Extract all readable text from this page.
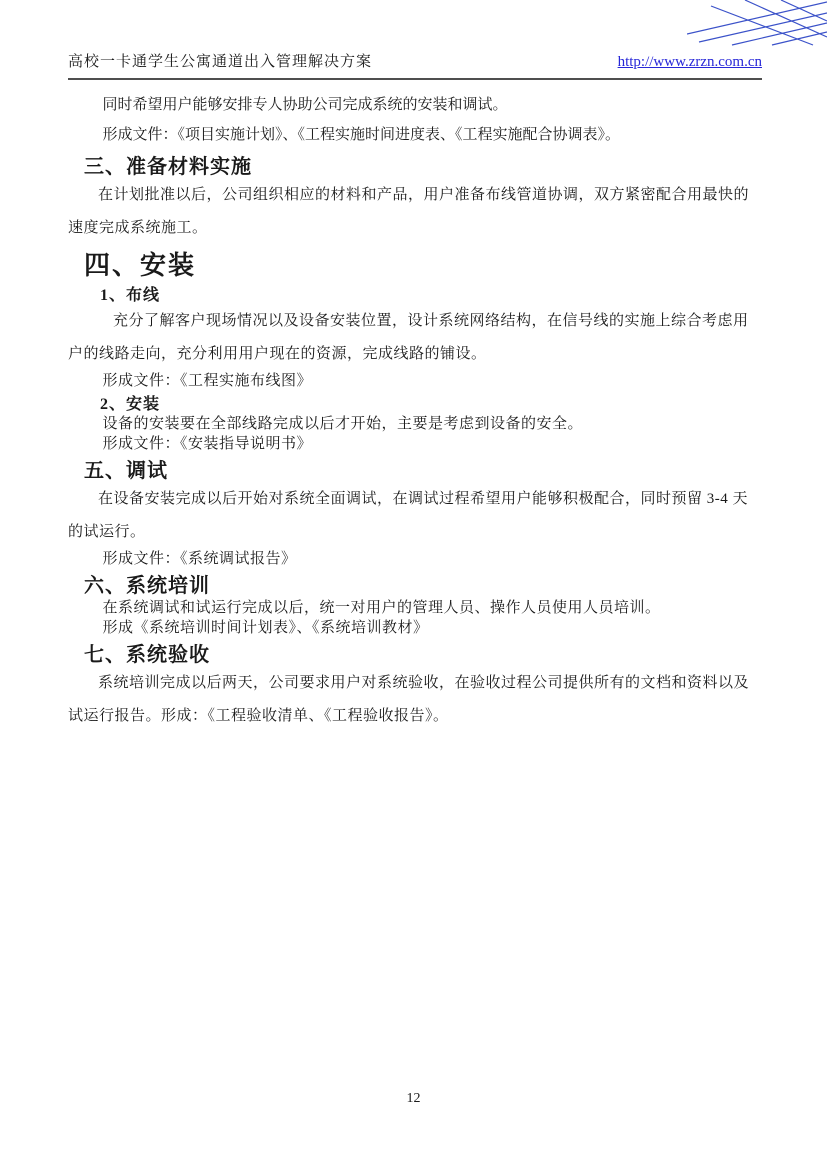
高校一卡通学生公寓通道出入管理解决方案	http://www.zrzn.com.cn

同时希望用户能够安排专人协助公司完成系统的安装和调试。

形成文件：《项目实施计划》、《工程实施时间进度表、《工程实施配合协调表》。

三、准备材料实施

在计划批准以后，公司组织相应的材料和产品，用户准备布线管道协调，双方紧密配合用最快的速度完成系统施工。

四、安装
1、布线

充分了解客户现场情况以及设备安装位置，设计系统网络结构，在信号线的实施上综合考虑用户的线路走向，充分利用用户现在的资源，完成线路的铺设。

形成文件：《工程实施布线图》

2、安装

设备的安装要在全部线路完成以后才开始，主要是考虑到设备的安全。

形成文件：《安装指导说明书》

五、调试

在设备安装完成以后开始对系统全面调试，在调试过程希望用户能够积极配合，同时预留 3-4 天的试运行。

形成文件：《系统调试报告》

六、系统培训

在系统调试和试运行完成以后，统一对用户的管理人员、操作人员使用人员培训。

形成《系统培训时间计划表》、《系统培训教材》

七、系统验收

系统培训完成以后两天，公司要求用户对系统验收，在验收过程公司提供所有的文档和资料以及试运行报告。形成：《工程验收清单、《工程验收报告》。

12
